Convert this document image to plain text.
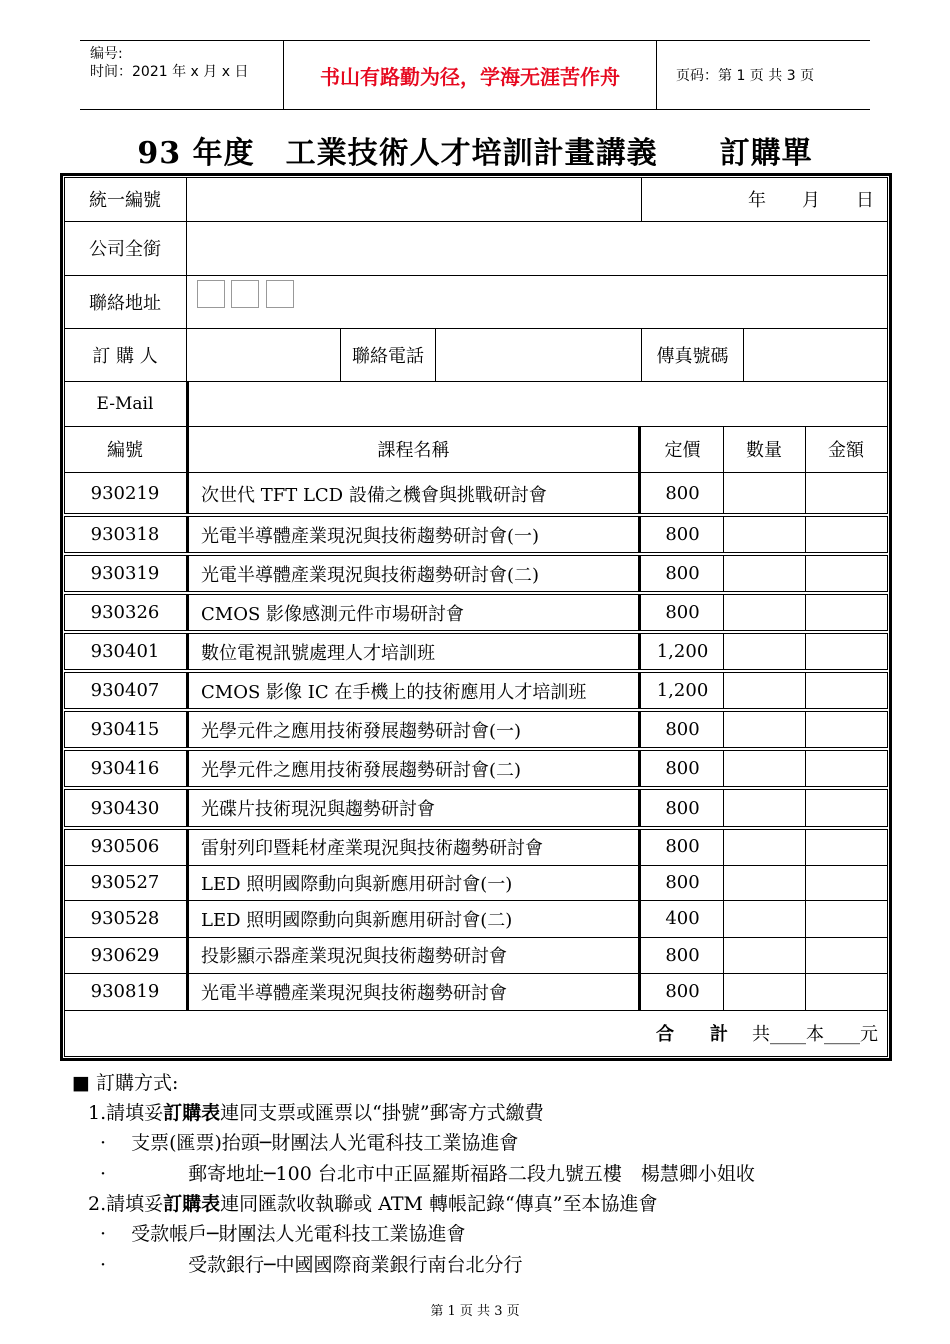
编号:
时间：2021 年 x 月 x 日	书山有路勤为径，学海无涯苦作舟	页码：第 1 页 共 3 页
93 年度　工業技術人才培訓計畫講義　　訂購單
統一編號	年　　月　　日
公司全銜
聯絡地址
訂 購 人	聯絡電話	傳真號碼
E-Mail
編號	課程名稱	定價	數量	金額
930219	次世代 TFT LCD 設備之機會與挑戰研討會	800
930318	光電半導體產業現況與技術趨勢研討會(一)	800
930319	光電半導體產業現況與技術趨勢研討會(二)	800
930326	CMOS 影像感測元件市場研討會	800
930401	數位電視訊號處理人才培訓班	1,200
930407	CMOS 影像 IC 在手機上的技術應用人才培訓班	1,200
930415	光學元件之應用技術發展趨勢研討會(一)	800
930416	光學元件之應用技術發展趨勢研討會(二)	800
930430	光碟片技術現況與趨勢研討會	800
930506	雷射列印暨耗材產業現況與技術趨勢研討會	800
930527	LED 照明國際動向與新應用研討會(一)	800
930528	LED 照明國際動向與新應用研討會(二)	400
930629	投影顯示器產業現況與技術趨勢研討會	800
930819	光電半導體產業現況與技術趨勢研討會	800
合　　計	共____本____元
■ 訂購方式:
1.請填妥訂購表連同支票或匯票以“掛號”郵寄方式繳費
·　 支票(匯票)抬頭─財團法人光電科技工業協進會
·　　　　 郵寄地址─100 台北市中正區羅斯福路二段九號五樓　楊慧卿小姐收
2.請填妥訂購表連同匯款收執聯或 ATM 轉帳記錄“傳真”至本協進會
·　 受款帳戶─財團法人光電科技工業協進會
·　　　　 受款銀行─中國國際商業銀行南台北分行
第 1 页 共 3 页
